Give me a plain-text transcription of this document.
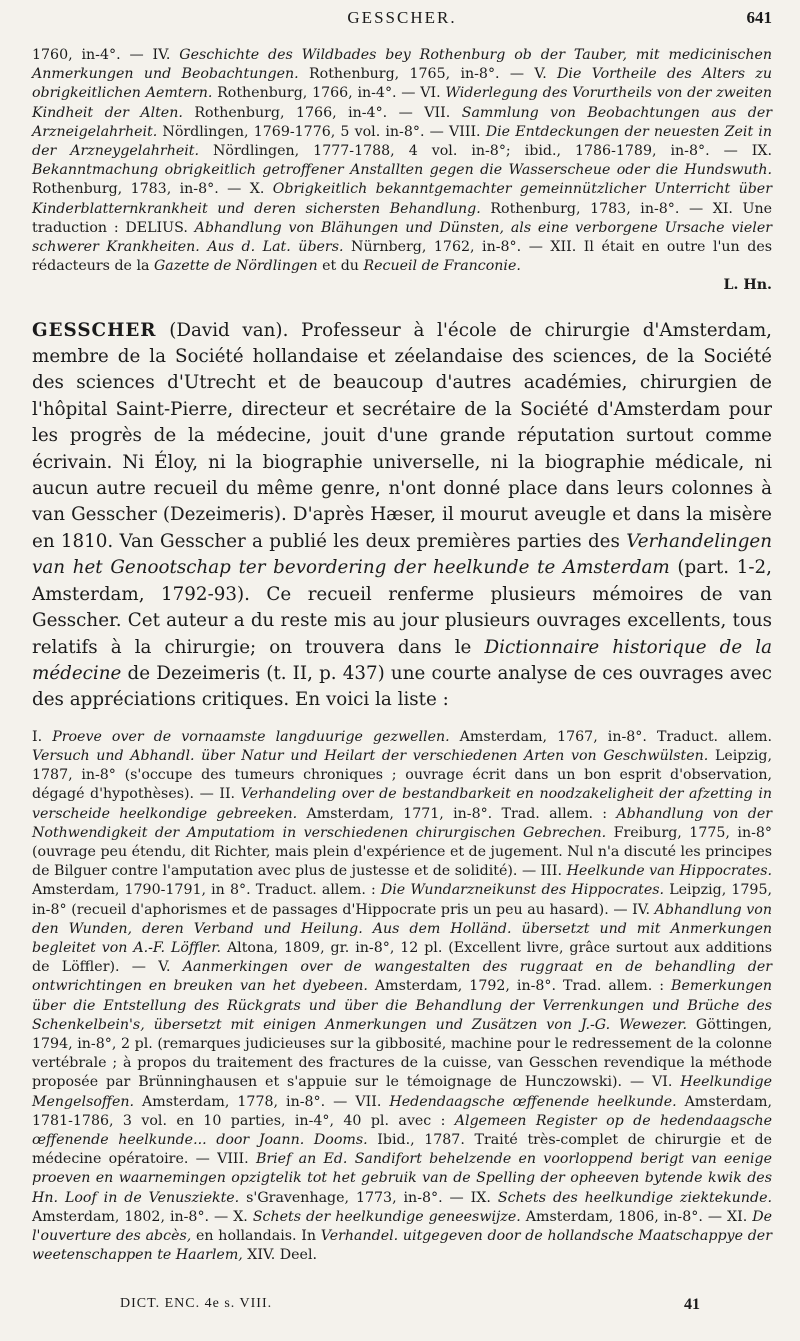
GESSCHER.	641

1760, in-4°. — IV. Geschichte des Wildbades bey Rothenburg ob der Tauber, mit medicinischen Anmerkungen und Beobachtungen. Rothenburg, 1765, in-8°. — V. Die Vortheile des Alters zu obrigkeitlichen Aemtern. Rothenburg, 1766, in-4°. — VI. Widerlegung des Vorurtheils von der zweiten Kindheit der Alten. Rothenburg, 1766, in-4°. — VII. Sammlung von Beobachtungen aus der Arzneigelahrheit. Nördlingen, 1769-1776, 5 vol. in-8°. — VIII. Die Entdeckungen der neuesten Zeit in der Arzneygelahrheit. Nördlingen, 1777-1788, 4 vol. in-8°; ibid., 1786-1789, in-8°. — IX. Bekanntmachung obrigkeitlich getroffener Anstallten gegen die Wasserscheue oder die Hundswuth. Rothenburg, 1783, in-8°. — X. Obrigkeitlich bekanntgemachter gemeinnützlicher Unterricht über Kinderblatternkrankheit und deren sichersten Behandlung. Rothenburg, 1783, in-8°. — XI. Une traduction : DELIUS. Abhandlung von Blähungen und Dünsten, als eine verborgene Ursache vieler schwerer Krankheiten. Aus d. Lat. übers. Nürnberg, 1762, in-8°. — XII. Il était en outre l'un des rédacteurs de la Gazette de Nördlingen et du Recueil de Franconie.

L. Hn.

GESSCHER (David van). Professeur à l'école de chirurgie d'Amsterdam, membre de la Société hollandaise et zéelandaise des sciences, de la Société des sciences d'Utrecht et de beaucoup d'autres académies, chirurgien de l'hôpital Saint-Pierre, directeur et secrétaire de la Société d'Amsterdam pour les progrès de la médecine, jouit d'une grande réputation surtout comme écrivain. Ni Éloy, ni la biographie universelle, ni la biographie médicale, ni aucun autre recueil du même genre, n'ont donné place dans leurs colonnes à van Gesscher (Dezeimeris). D'après Hæser, il mourut aveugle et dans la misère en 1810. Van Gesscher a publié les deux premières parties des Verhandelingen van het Genootschap ter bevordering der heelkunde te Amsterdam (part. 1-2, Amsterdam, 1792-93). Ce recueil renferme plusieurs mémoires de van Gesscher. Cet auteur a du reste mis au jour plusieurs ouvrages excellents, tous relatifs à la chirurgie; on trouvera dans le Dictionnaire historique de la médecine de Dezeimeris (t. II, p. 437) une courte analyse de ces ouvrages avec des appréciations critiques. En voici la liste :
I. Proeve over de vornaamste langduurige gezwellen. Amsterdam, 1767, in-8°. Traduct. allem. Versuch und Abhandl. über Natur und Heilart der verschiedenen Arten von Geschwülsten. Leipzig, 1787, in-8° (s'occupe des tumeurs chroniques ; ouvrage écrit dans un bon esprit d'observation, dégagé d'hypothèses). — II. Verhandeling over de bestandbarkeit en noodzakeligheit der afzetting in verscheide heelkondige gebreeken. Amsterdam, 1771, in-8°. Trad. allem. : Abhandlung von der Nothwendigkeit der Amputatiom in verschiedenen chirurgischen Gebrechen. Freiburg, 1775, in-8° (ouvrage peu étendu, dit Richter, mais plein d'expérience et de jugement. Nul n'a discuté les principes de Bilguer contre l'amputation avec plus de justesse et de solidité). — III. Heelkunde van Hippocrates. Amsterdam, 1790-1791, in 8°. Traduct. allem. : Die Wundarzneikunst des Hippocrates. Leipzig, 1795, in-8° (recueil d'aphorismes et de passages d'Hippocrate pris un peu au hasard). — IV. Abhandlung von den Wunden, deren Verband und Heilung. Aus dem Holländ. übersetzt und mit Anmerkungen begleitet von A.-F. Löffler. Altona, 1809, gr. in-8°, 12 pl. (Excellent livre, grâce surtout aux additions de Löffler). — V. Aanmerkingen over de wangestalten des ruggraat en de behandling der ontwrichtingen en breuken van het dyebeen. Amsterdam, 1792, in-8°. Trad. allem. : Bemerkungen über die Entstellung des Rückgrats und über die Behandlung der Verrenkungen und Brüche des Schenkelbein's, übersetzt mit einigen Anmerkungen und Zusätzen von J.-G. Wewezer. Göttingen, 1794, in-8°, 2 pl. (remarques judicieuses sur la gibbosité, machine pour le redressement de la colonne vertébrale ; à propos du traitement des fractures de la cuisse, van Gesschen revendique la méthode proposée par Brünninghausen et s'appuie sur le témoignage de Hunczowski). — VI. Heelkundige Mengelsoffen. Amsterdam, 1778, in-8°. — VII. Hedendaagsche œffenende heelkunde. Amsterdam, 1781-1786, 3 vol. en 10 parties, in-4°, 40 pl. avec : Algemeen Register op de hedendaagsche œffenende heelkunde... door Joann. Dooms. Ibid., 1787. Traité très-complet de chirurgie et de médecine opératoire. — VIII. Brief an Ed. Sandifort behelzende en voorloppend berigt van eenige proeven en waarnemingen opzigtelik tot het gebruik van de Spelling der opheeven bytende kwik des Hn. Loof in de Venusziekte. s'Gravenhage, 1773, in-8°. — IX. Schets des heelkundige ziektekunde. Amsterdam, 1802, in-8°. — X. Schets der heelkundige geneeswijze. Amsterdam, 1806, in-8°. — XI. De l'ouverture des abcès, en hollandais. In Verhandel. uitgegeven door de hollandsche Maatschappye der weetenschappen te Haarlem, XIV. Deel.
DICT. ENC. 4e s. VIII.	41
